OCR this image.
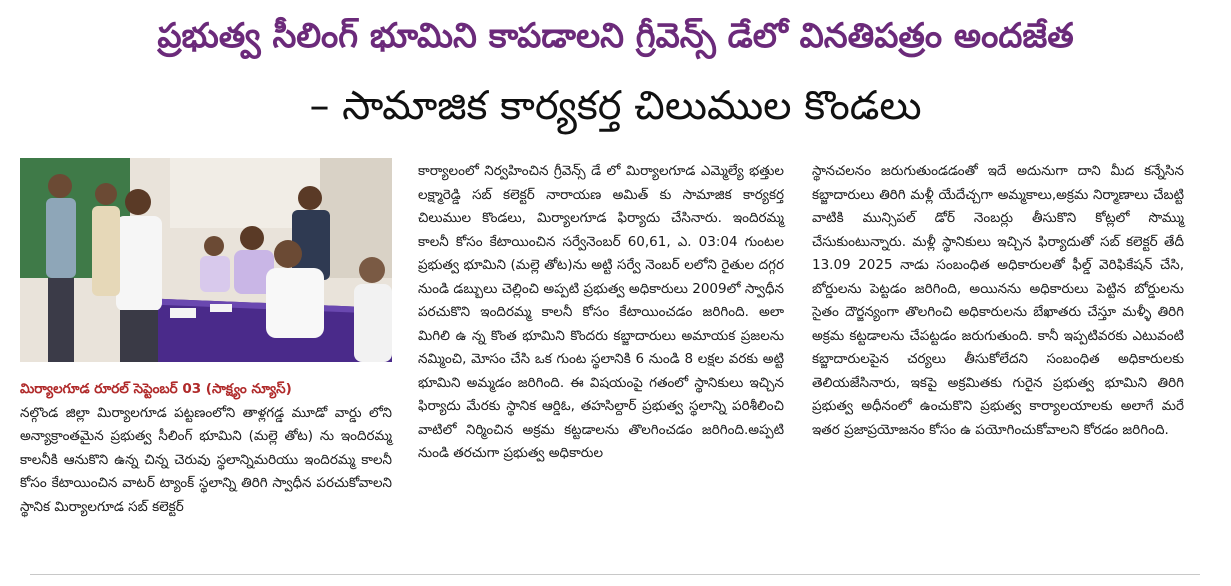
ప్రభుత్వ సీలింగ్ భూమిని కాపడాలని గ్రీవెన్స్ డేలో వినతిపత్రం అందజేత
– సామాజిక కార్యకర్త చిలుముల కొండలు
మిర్యాలగూడ రూరల్ సెప్టెంబర్ 03 (సాక్ష్యం న్యూస్)

నల్గొండ జిల్లా మిర్యాలగూడ పట్టణంలోని తాళ్లగడ్డ మూడో వార్డు లోని అన్యాక్రాంతమైన ప్రభుత్వ సీలింగ్ భూమిని (మల్లె తోట) ను ఇందిరమ్మ కాలనీకి ఆనుకొని ఉన్న చిన్న చెరువు స్థలాన్నిమరియు ఇందిరమ్మ కాలనీ కోసం కేటాయించిన వాటర్ ట్యాంక్ స్థలాన్ని తిరిగి స్వాధీన పరచుకోవాలని స్థానిక మిర్యాలగూడ సబ్ కలెక్టర్

కార్యాలంలో నిర్వహించిన గ్రీవెన్స్ డే లో మిర్యాలగూడ ఎమ్మెల్యే భత్తుల లక్ష్మారెడ్డి సబ్ కలెక్టర్ నారాయణ అమిత్ కు సామాజిక కార్యకర్త చిలుముల కొండలు, మిర్యాలగూడ ఫిర్యాదు చేసినారు. ఇందిరమ్మ కాలనీ కోసం కేటాయించిన సర్వేనెంబర్ 60,61, ఎ. 03:04 గుంటల ప్రభుత్వ భూమిని (మల్లె తోట)ను అట్టి సర్వే నెంబర్ లలోని రైతుల దగ్గర నుండి డబ్బులు చెల్లించి అప్పటి ప్రభుత్వ అధికారులు 2009లో స్వాధీన పరచుకొని ఇందిరమ్మ కాలనీ కోసం కేటాయించడం జరిగింది. అలా మిగిలి ఉ న్న కొంత భూమిని కొందరు కబ్జాదారులు అమాయక ప్రజలను నమ్మించి, మోసం చేసి ఒక గుంట స్థలానికి 6 నుండి 8 లక్షల వరకు అట్టి భూమిని అమ్మడం జరిగింది. ఈ విషయంపై గతంలో స్థానికులు ఇచ్చిన ఫిర్యాదు మేరకు స్థానిక ఆర్డిఓ, తహసిల్దార్ ప్రభుత్వ స్థలాన్ని పరిశీలించి వాటిలో నిర్మించిన అక్రమ కట్టడాలను తొలగించడం జరిగింది.అప్పటి నుండి తరచుగా ప్రభుత్వ అధికారుల

స్థానచలనం జరుగుతుండడంతో ఇదే అదునుగా దాని మీద కన్నేసిన కబ్జాదారులు తిరిగి మళ్లీ యేదేచ్చగా అమ్మకాలు,అక్రమ నిర్మాణాలు చేబట్టి వాటికి మున్సిపల్ డోర్ నెంబర్లు తీసుకొని కోట్లలో సొమ్ము చేసుకుంటున్నారు. మళ్లీ స్థానికులు ఇచ్చిన ఫిర్యాదుతో సబ్ కలెక్టర్ తేదీ 13.09 2025 నాడు సంబంధిత అధికారులతో ఫీల్డ్ వెరిఫికేషన్ చేసి, బోర్డులను పెట్టడం జరిగింది, అయినను అధికారులు పెట్టిన బోర్డులను సైతం దౌర్జన్యంగా తొలగించి అధికారులను బేఖాతరు చేస్తూ మళ్ళీ తిరిగి అక్రమ కట్టడాలను చేపట్టడం జరుగుతుంది. కానీ ఇప్పటివరకు ఎటువంటి కబ్జాదారులపైన చర్యలు తీసుకోలేదని సంబంధిత అధికారులకు తెలియజేసినారు, ఇకపై అక్రమితకు గురైన ప్రభుత్వ భూమిని తిరిగి ప్రభుత్వ అధీనంలో ఉంచుకొని ప్రభుత్వ కార్యాలయాలకు అలాగే మరే ఇతర ప్రజాప్రయోజనం కోసం ఉ పయోగించుకోవాలని కోరడం జరిగింది.
